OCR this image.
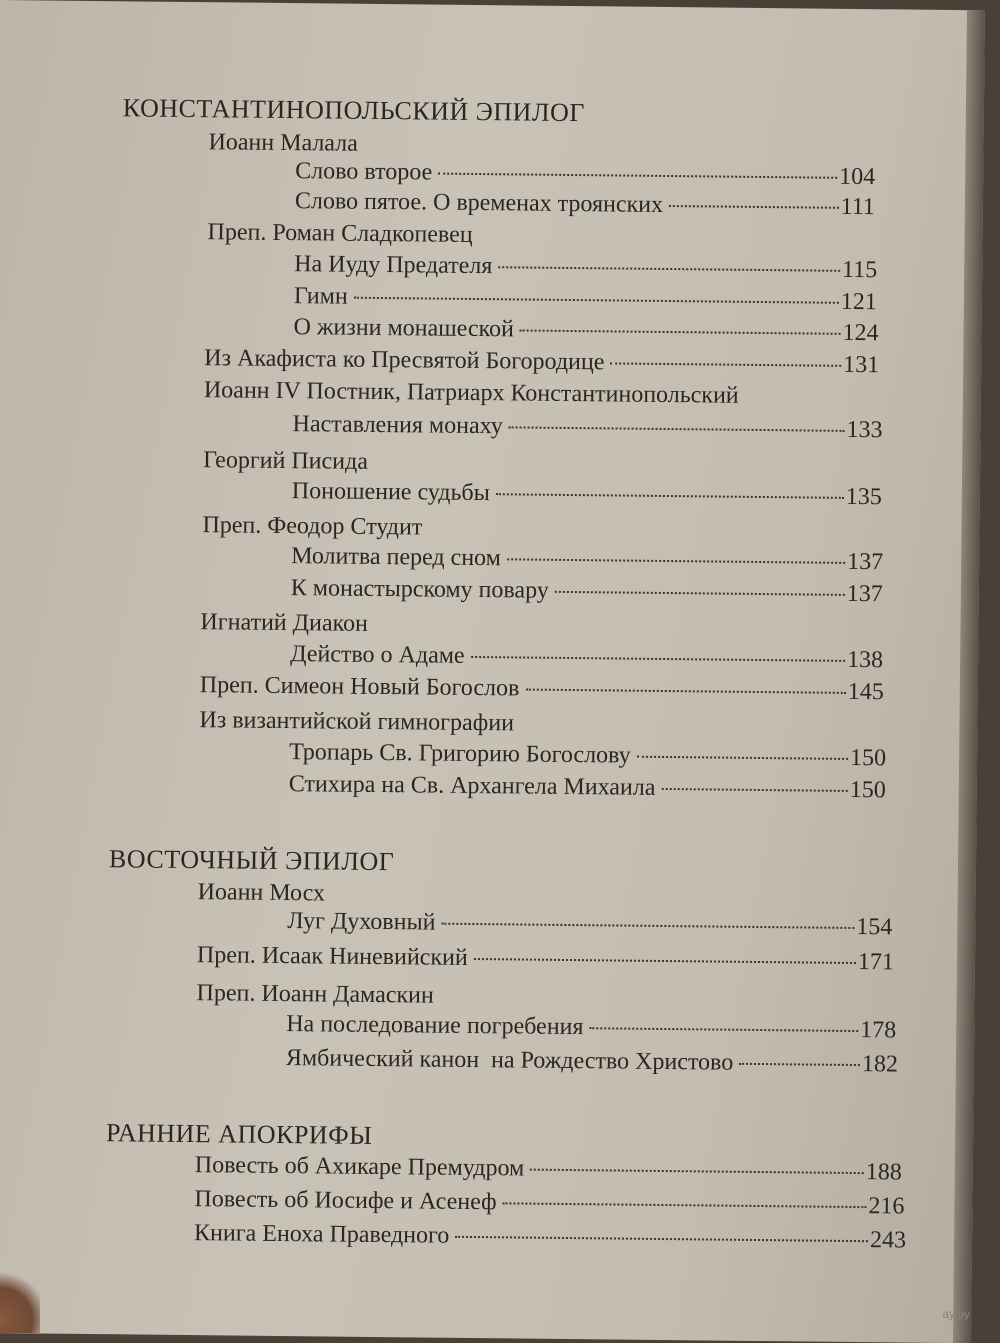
КОНСТАНТИНОПОЛЬСКИЙ ЭПИЛОГ
Иоанн Малала
Слово второе	104
Слово пятое. О временах троянских	111
Преп. Роман Сладкопевец
На Иуду Предателя	115
Гимн	121
О жизни монашеской	124
Из Акафиста ко Пресвятой Богородице	131
Иоанн IV Постник, Патриарх Константинопольский
Наставления монаху	133
Георгий Писида
Поношение судьбы	135
Преп. Феодор Студит
Молитва перед сном	137
К монастырскому повару	137
Игнатий Диакон
Действо о Адаме	138
Преп. Симеон Новый Богослов	145
Из византийской гимнографии
Тропарь Св. Григорию Богослову	150
Стихира на Св. Архангела Михаила	150
ВОСТОЧНЫЙ ЭПИЛОГ
Иоанн Мосх
Луг Духовный	154
Преп. Исаак Ниневийский	171
Преп. Иоанн Дамаскин
На последование погребения	178
Ямбический канон  на Рождество Христово	182
РАННИЕ АПОКРИФЫ
Повесть об Ахикаре Премудром	188
Повесть об Иосифе и Асенеф	216
Книга Еноха Праведного	243
ay.by
